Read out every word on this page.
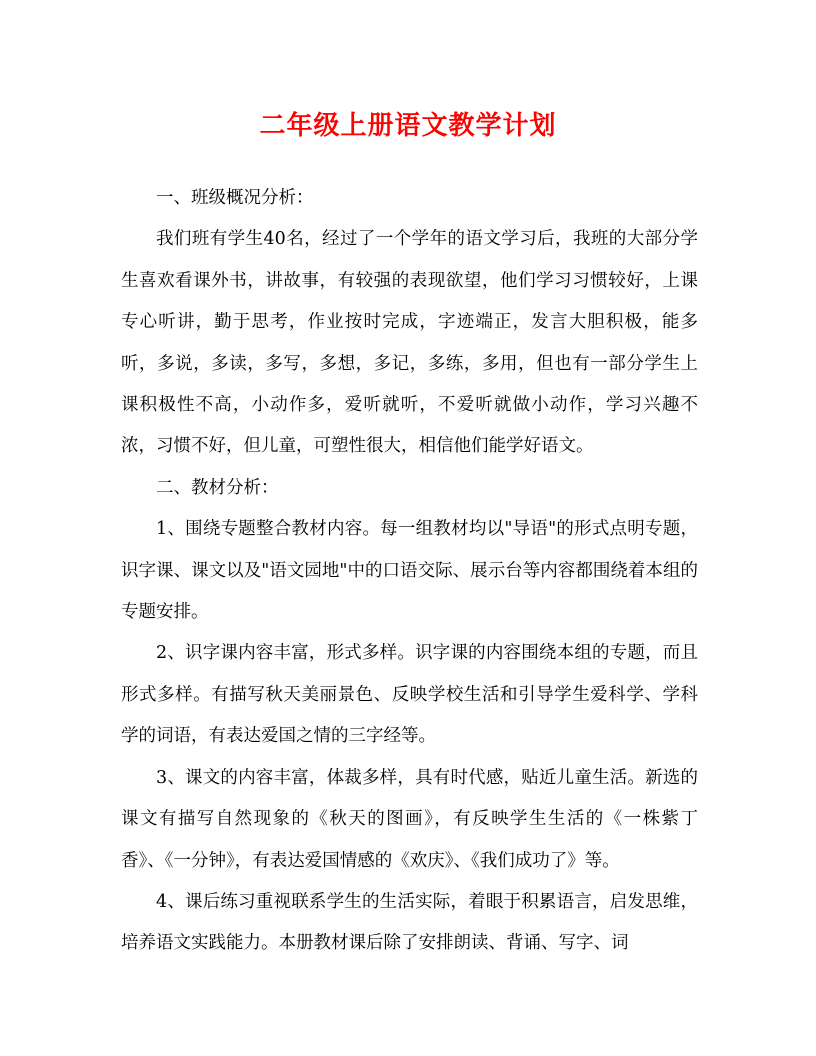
二年级上册语文教学计划

一、班级概况分析：

我们班有学生40名，经过了一个学年的语文学习后，我班的大部分学生喜欢看课外书，讲故事，有较强的表现欲望，他们学习习惯较好，上课专心听讲，勤于思考，作业按时完成，字迹端正，发言大胆积极，能多听，多说，多读，多写，多想，多记，多练，多用，但也有一部分学生上课积极性不高，小动作多，爱听就听，不爱听就做小动作，学习兴趣不浓，习惯不好，但儿童，可塑性很大，相信他们能学好语文。

二、教材分析：

1、围绕专题整合教材内容。每一组教材均以"导语"的形式点明专题，识字课、课文以及"语文园地"中的口语交际、展示台等内容都围绕着本组的专题安排。

2、识字课内容丰富，形式多样。识字课的内容围绕本组的专题，而且形式多样。有描写秋天美丽景色、反映学校生活和引导学生爱科学、学科学的词语，有表达爱国之情的三字经等。

3、课文的内容丰富，体裁多样，具有时代感，贴近儿童生活。新选的课文有描写自然现象的《秋天的图画》，有反映学生生活的《一株紫丁香》、《一分钟》，有表达爱国情感的《欢庆》、《我们成功了》等。

4、课后练习重视联系学生的生活实际，着眼于积累语言，启发思维，培养语文实践能力。本册教材课后除了安排朗读、背诵、写字、词
